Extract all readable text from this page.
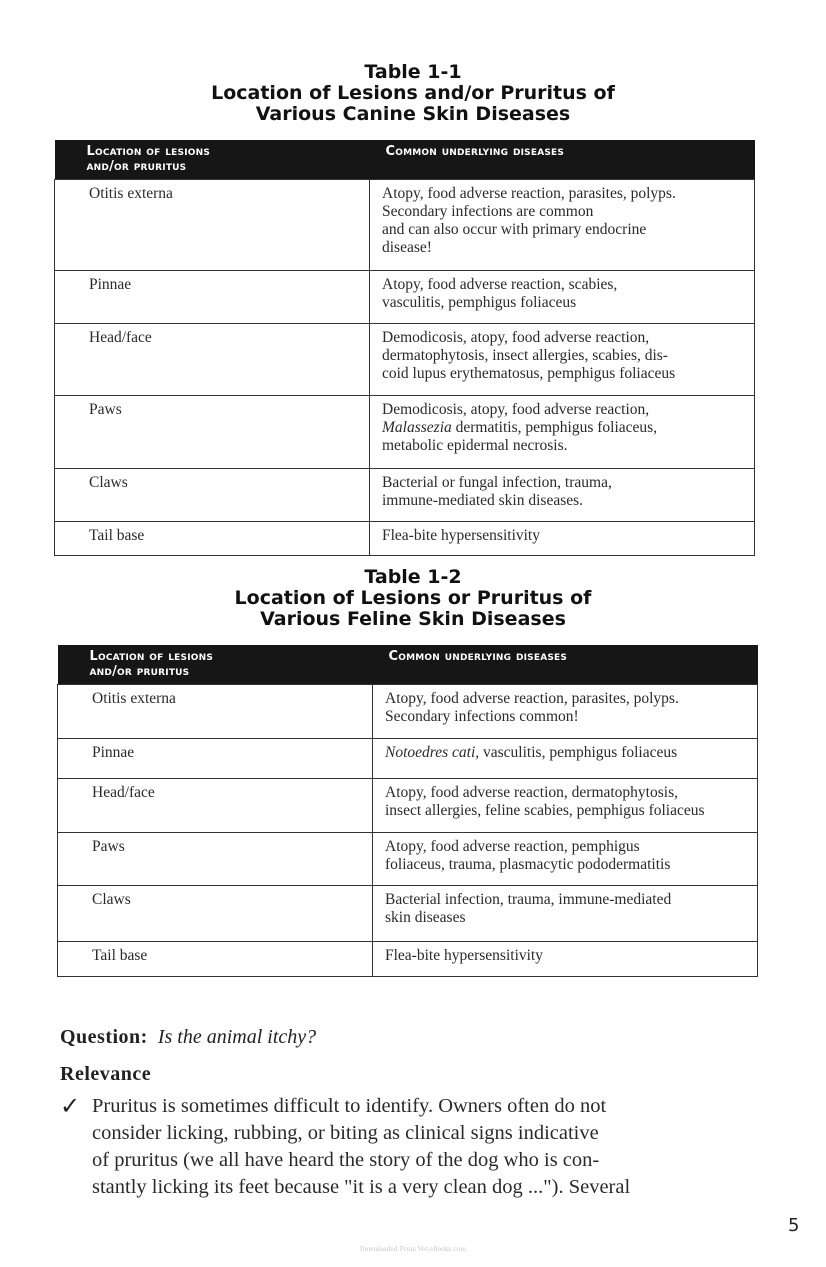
Table 1-1
Location of Lesions and/or Pruritus of
Various Canine Skin Diseases
Location of lesions
and/or pruritus	Common underlying diseases
Otitis externa	Atopy, food adverse reaction, parasites, polyps.
Secondary infections are common
and can also occur with primary endocrine
disease!

Pinnae	Atopy, food adverse reaction, scabies,
vasculitis, pemphigus foliaceus

Head/face	Demodicosis, atopy, food adverse reaction,
dermatophytosis, insect allergies, scabies, dis-
coid lupus erythematosus, pemphigus foliaceus

Paws	Demodicosis, atopy, food adverse reaction,
Malassezia dermatitis, pemphigus foliaceus,
metabolic epidermal necrosis.

Claws	Bacterial or fungal infection, trauma,
immune-mediated skin diseases.

Tail base	Flea-bite hypersensitivity
Table 1-2
Location of Lesions or Pruritus of
Various Feline Skin Diseases
Location of lesions
and/or pruritus	Common underlying diseases
Otitis externa	Atopy, food adverse reaction, parasites, polyps.
Secondary infections common!

Pinnae	Notoedres cati, vasculitis, pemphigus foliaceus

Head/face	Atopy, food adverse reaction, dermatophytosis,
insect allergies, feline scabies, pemphigus foliaceus

Paws	Atopy, food adverse reaction, pemphigus
foliaceus, trauma, plasmacytic pododermatitis

Claws	Bacterial infection, trauma, immune-mediated
skin diseases

Tail base	Flea-bite hypersensitivity
Question: Is the animal itchy?
Relevance
✓ Pruritus is sometimes difficult to identify. Owners often do not
consider licking, rubbing, or biting as clinical signs indicative
of pruritus (we all have heard the story of the dog who is con-
stantly licking its feet because "it is a very clean dog ..."). Several
5
Downloaded From Vet-eBooks.com
